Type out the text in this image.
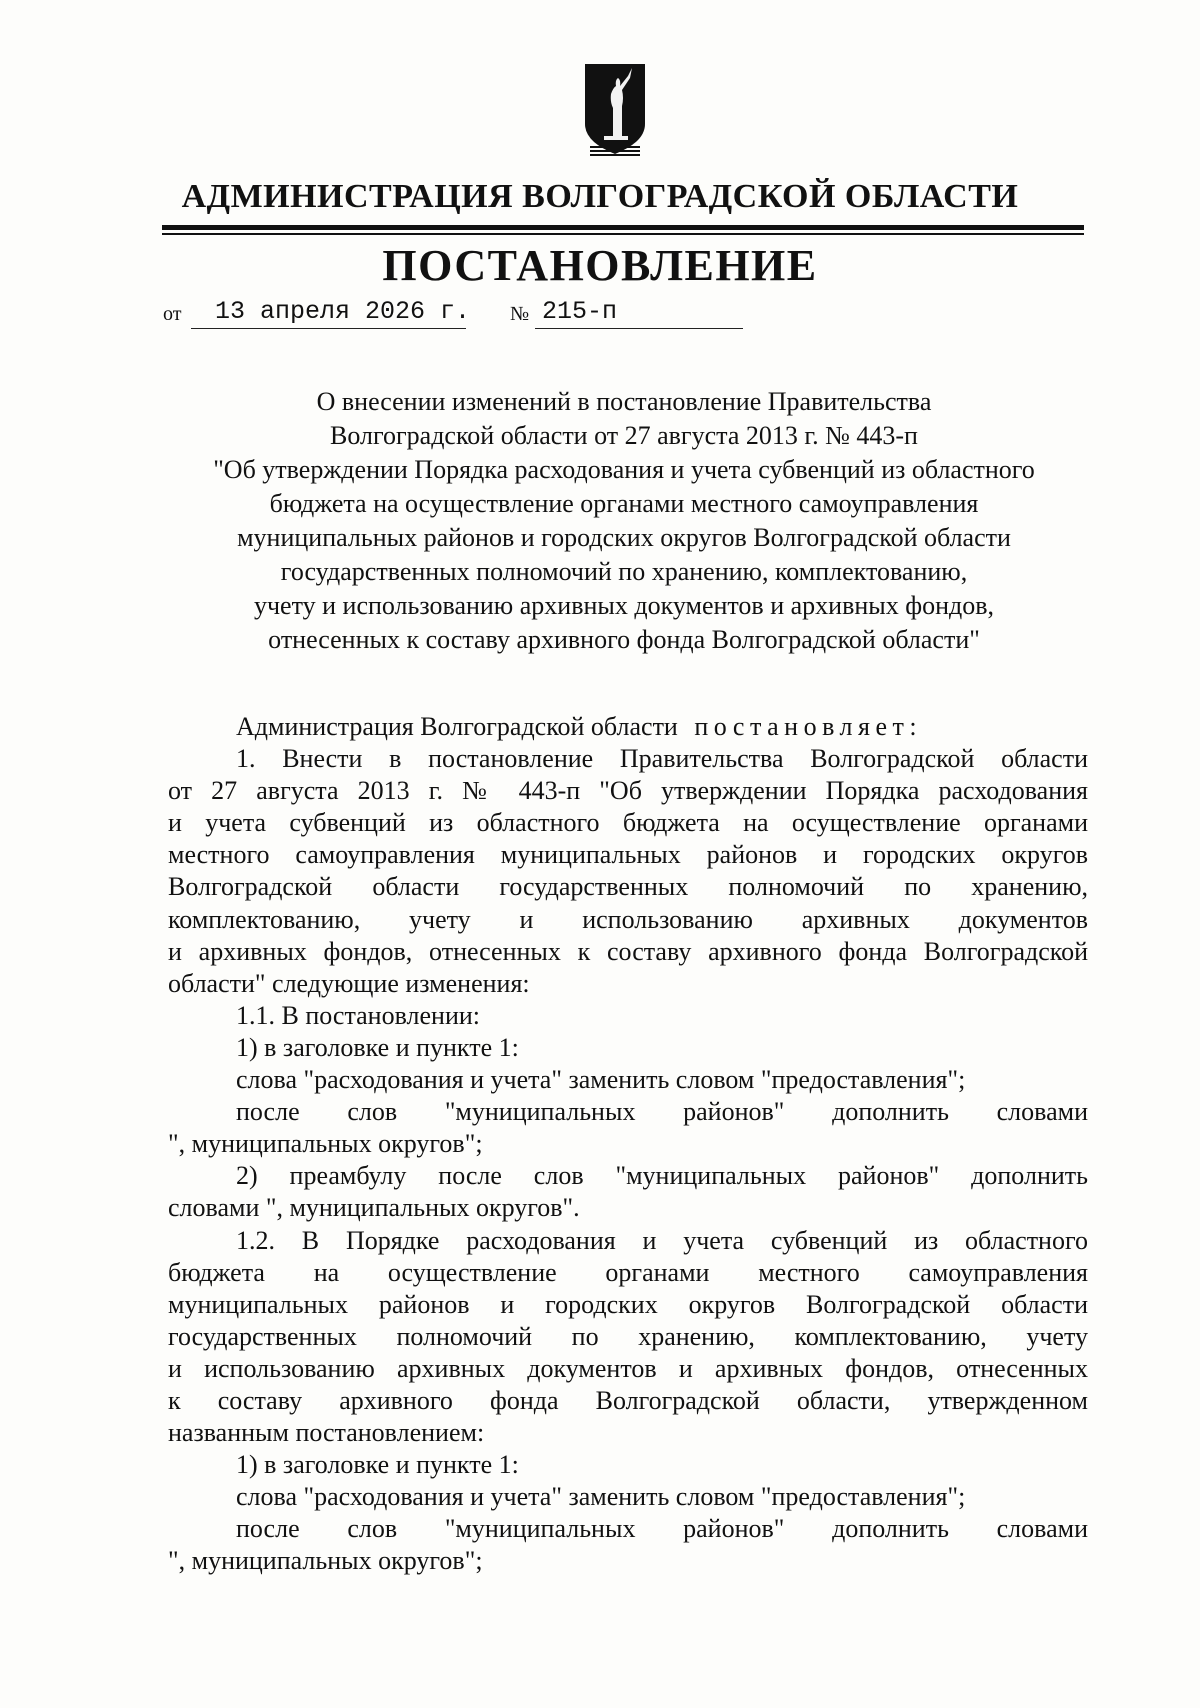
АДМИНИСТРАЦИЯ ВОЛГОГРАДСКОЙ ОБЛАСТИ
ПОСТАНОВЛЕНИЕ
от 13 апреля 2026 г. № 215-п
О внесении изменений в постановление Правительства
Волгоградской области от 27 августа 2013 г. № 443-п
"Об утверждении Порядка расходования и учета субвенций из областного
бюджета на осуществление органами местного самоуправления
муниципальных районов и городских округов Волгоградской области
государственных полномочий по хранению, комплектованию,
учету и использованию архивных документов и архивных фондов,
отнесенных к составу архивного фонда Волгоградской области"
Администрация Волгоградской области постановляет:
1. Внести в постановление Правительства Волгоградской области
от 27 августа 2013 г. № 443-п "Об утверждении Порядка расходования
и учета субвенций из областного бюджета на осуществление органами
местного самоуправления муниципальных районов и городских округов
Волгоградской области государственных полномочий по хранению,
комплектованию, учету и использованию архивных документов
и архивных фондов, отнесенных к составу архивного фонда Волгоградской
области" следующие изменения:
1.1. В постановлении:
1) в заголовке и пункте 1:
слова "расходования и учета" заменить словом "предоставления";
после слов "муниципальных районов" дополнить словами
", муниципальных округов";
2) преамбулу после слов "муниципальных районов" дополнить
словами ", муниципальных округов".
1.2. В Порядке расходования и учета субвенций из областного
бюджета на осуществление органами местного самоуправления
муниципальных районов и городских округов Волгоградской области
государственных полномочий по хранению, комплектованию, учету
и использованию архивных документов и архивных фондов, отнесенных
к составу архивного фонда Волгоградской области, утвержденном
названным постановлением:
1) в заголовке и пункте 1:
слова "расходования и учета" заменить словом "предоставления";
после слов "муниципальных районов" дополнить словами
", муниципальных округов";
